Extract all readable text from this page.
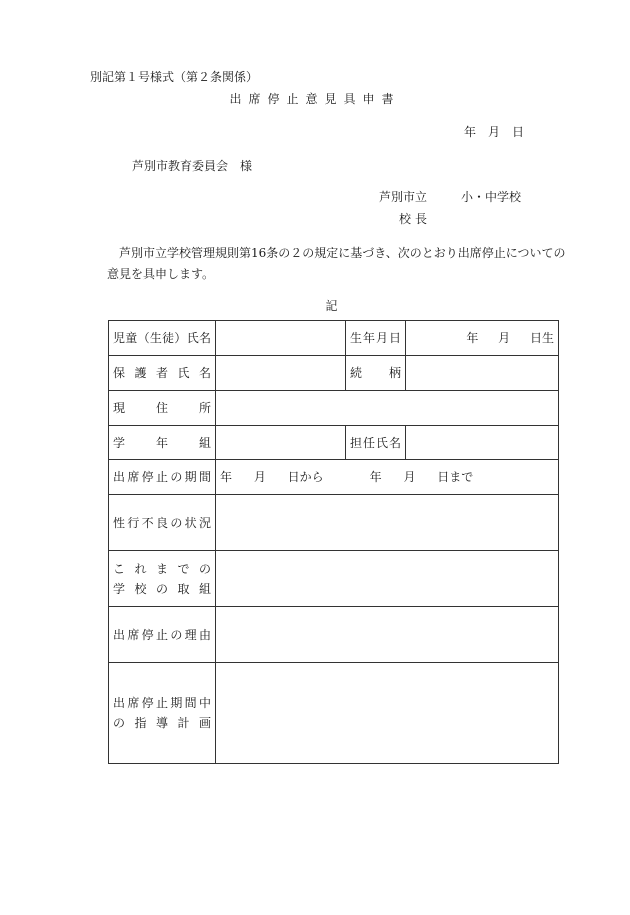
別記第１号様式（第２条関係）
出席停止意見具申書
年　月　日
芦別市教育委員会　様
芦別市立	小・中学校
校長
芦別市立学校管理規則第16条の２の規定に基づき、次のとおり出席停止についての意見を具申します。
記
児童（生徒）氏名		生年月日	年 月 日生
保護者氏名		続柄	
現住所			
学年組		担任氏名	
出席停止の期間	年 月 日から 年 月 日まで		
性行不良の状況			

これまでの
学校の取組			

出席停止の理由			

出席停止期間中
の指導計画			
